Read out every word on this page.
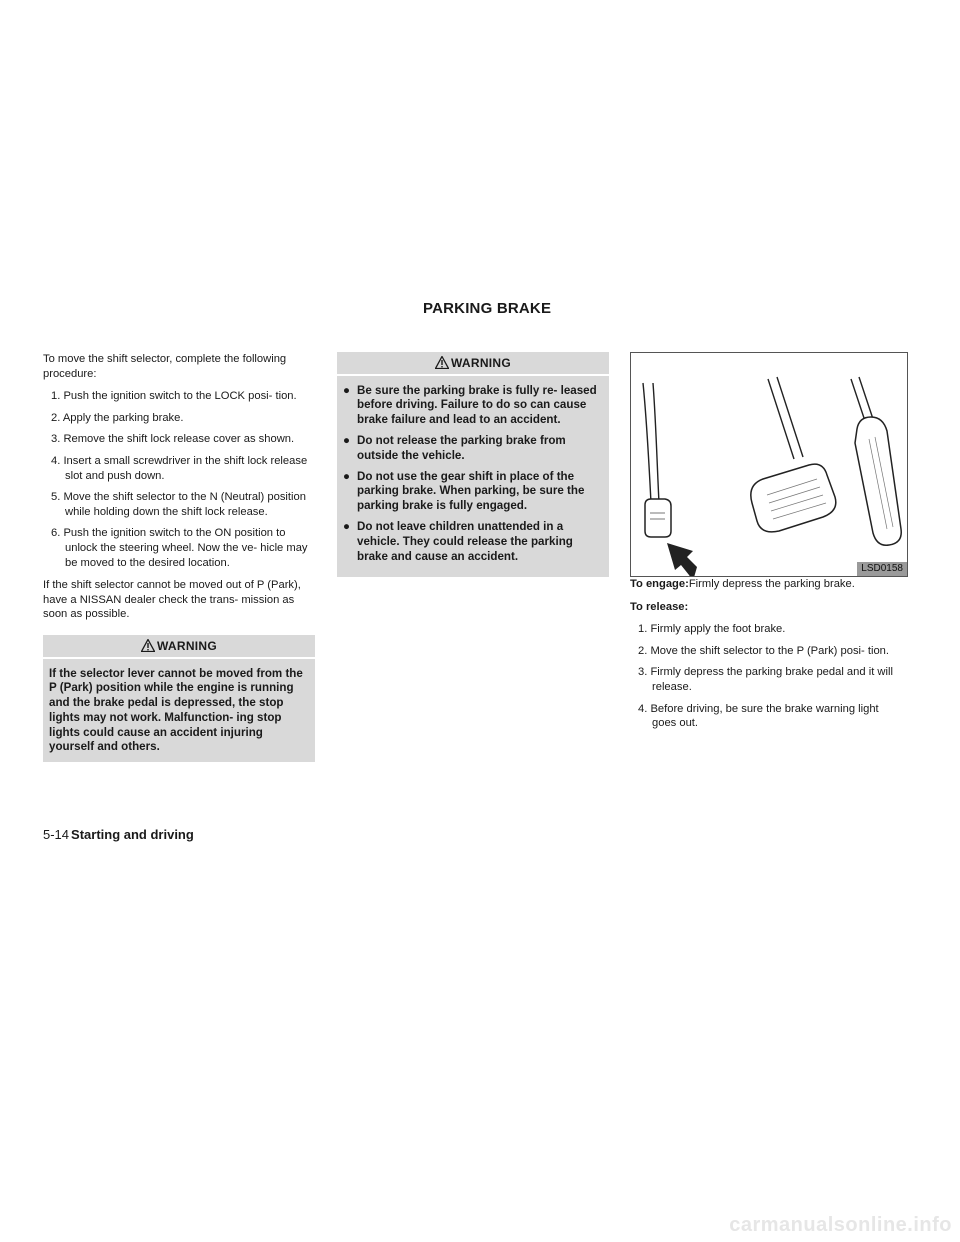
PARKING BRAKE

To move the shift selector, complete the following procedure:

1. Push the ignition switch to the LOCK posi- tion.
2. Apply the parking brake.
3. Remove the shift lock release cover as shown.
4. Insert a small screwdriver in the shift lock release slot and push down.
5. Move the shift selector to the N (Neutral) position while holding down the shift lock release.
6. Push the ignition switch to the ON position to unlock the steering wheel. Now the ve- hicle may be moved to the desired location.

If the shift selector cannot be moved out of P (Park), have a NISSAN dealer check the trans- mission as soon as possible.

WARNING
If the selector lever cannot be moved from the P (Park) position while the engine is running and the brake pedal is depressed, the stop lights may not work. Malfunction- ing stop lights could cause an accident injuring yourself and others.
WARNING
● Be sure the parking brake is fully re- leased before driving. Failure to do so can cause brake failure and lead to an accident.
● Do not release the parking brake from outside the vehicle.
● Do not use the gear shift in place of the parking brake. When parking, be sure the parking brake is fully engaged.
● Do not leave children unattended in a vehicle. They could release the parking brake and cause an accident.
LSD0158

To engage:Firmly depress the parking brake.

To release:

1. Firmly apply the foot brake.
2. Move the shift selector to the P (Park) posi- tion.
3. Firmly depress the parking brake pedal and it will release.
4. Before driving, be sure the brake warning light goes out.
5-14 Starting and driving
carmanualsonline.info
